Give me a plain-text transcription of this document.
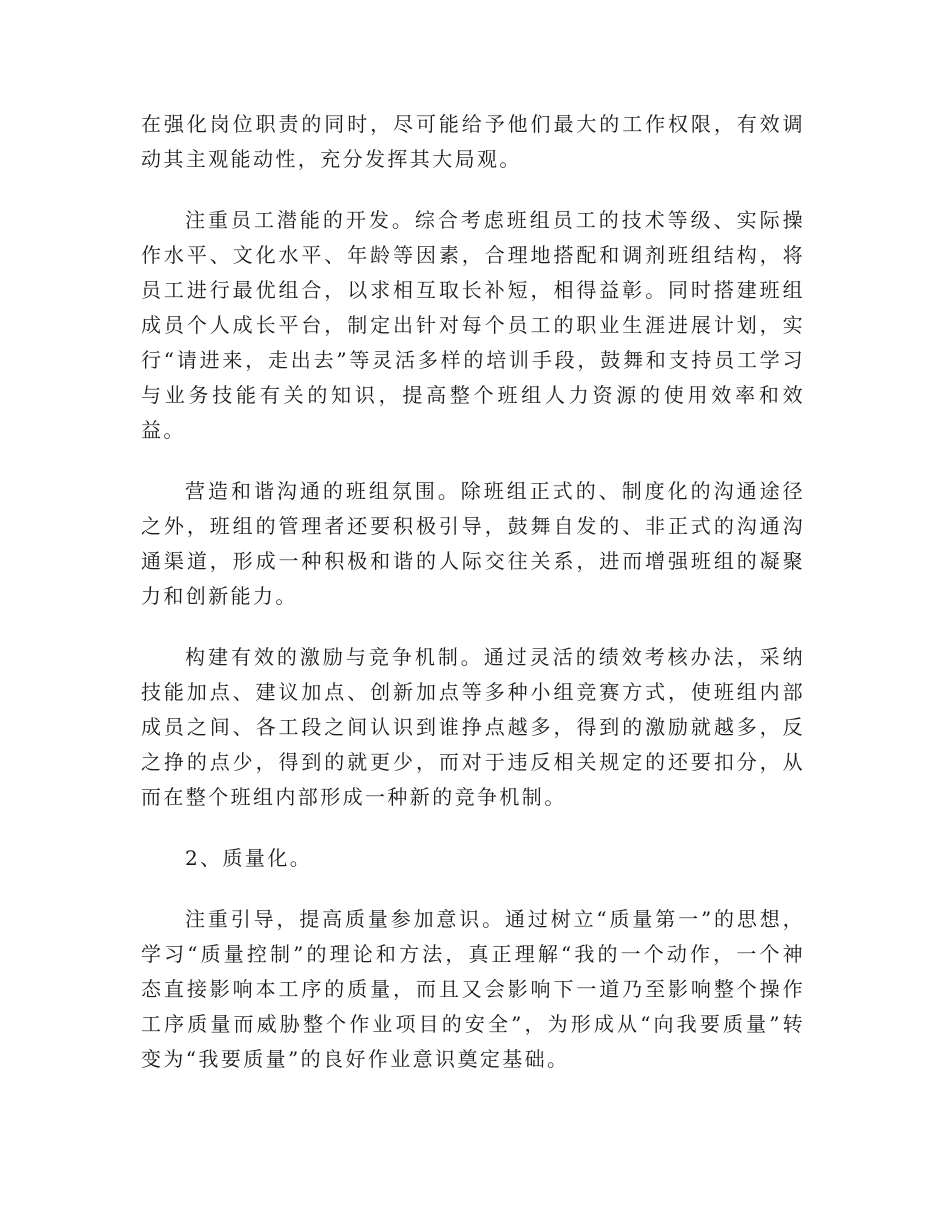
在强化岗位职责的同时，尽可能给予他们最大的工作权限，有效调动其主观能动性，充分发挥其大局观。

注重员工潜能的开发。综合考虑班组员工的技术等级、实际操作水平、文化水平、年龄等因素，合理地搭配和调剂班组结构，将员工进行最优组合，以求相互取长补短，相得益彰。同时搭建班组成员个人成长平台，制定出针对每个员工的职业生涯进展计划，实行“请进来，走出去”等灵活多样的培训手段，鼓舞和支持员工学习与业务技能有关的知识，提高整个班组人力资源的使用效率和效益。

营造和谐沟通的班组氛围。除班组正式的、制度化的沟通途径之外，班组的管理者还要积极引导，鼓舞自发的、非正式的沟通沟通渠道，形成一种积极和谐的人际交往关系，进而增强班组的凝聚力和创新能力。

构建有效的激励与竞争机制。通过灵活的绩效考核办法，采纳技能加点、建议加点、创新加点等多种小组竞赛方式，使班组内部成员之间、各工段之间认识到谁挣点越多，得到的激励就越多，反之挣的点少，得到的就更少，而对于违反相关规定的还要扣分，从而在整个班组内部形成一种新的竞争机制。

2、质量化。

注重引导，提高质量参加意识。通过树立“质量第一”的思想，学习“质量控制”的理论和方法，真正理解“我的一个动作，一个神态直接影响本工序的质量，而且又会影响下一道乃至影响整个操作工序质量而威胁整个作业项目的安全”，为形成从“向我要质量”转变为“我要质量”的良好作业意识奠定基础。
